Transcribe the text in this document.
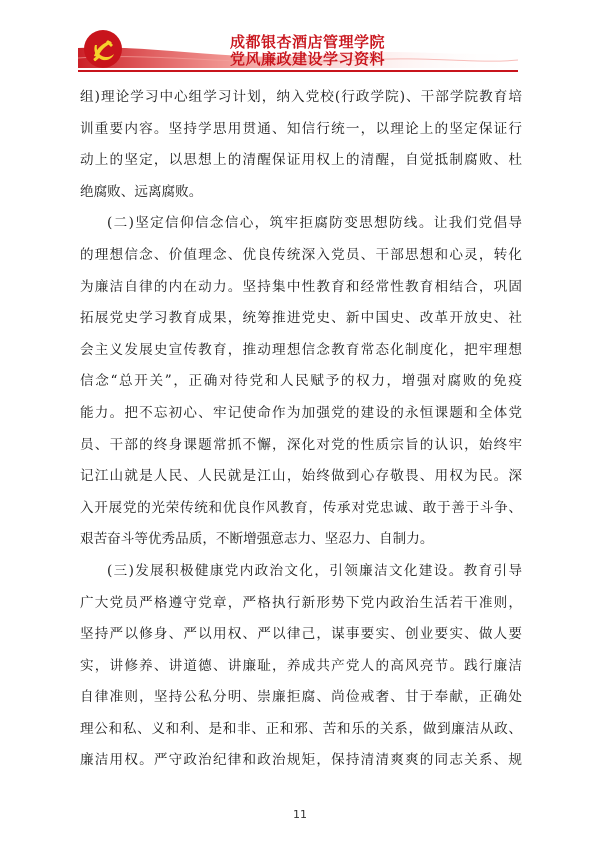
成都银杏酒店管理学院
党风廉政建设学习资料
组)理论学习中心组学习计划，纳入党校(行政学院)、干部学院教育培
训重要内容。坚持学思用贯通、知信行统一，以理论上的坚定保证行
动上的坚定，以思想上的清醒保证用权上的清醒，自觉抵制腐败、杜
绝腐败、远离腐败。
(二)坚定信仰信念信心，筑牢拒腐防变思想防线。让我们党倡导
的理想信念、价值理念、优良传统深入党员、干部思想和心灵，转化
为廉洁自律的内在动力。坚持集中性教育和经常性教育相结合，巩固
拓展党史学习教育成果，统筹推进党史、新中国史、改革开放史、社
会主义发展史宣传教育，推动理想信念教育常态化制度化，把牢理想
信念“总开关”，正确对待党和人民赋予的权力，增强对腐败的免疫
能力。把不忘初心、牢记使命作为加强党的建设的永恒课题和全体党
员、干部的终身课题常抓不懈，深化对党的性质宗旨的认识，始终牢
记江山就是人民、人民就是江山，始终做到心存敬畏、用权为民。深
入开展党的光荣传统和优良作风教育，传承对党忠诚、敢于善于斗争、
艰苦奋斗等优秀品质，不断增强意志力、坚忍力、自制力。
(三)发展积极健康党内政治文化，引领廉洁文化建设。教育引导
广大党员严格遵守党章，严格执行新形势下党内政治生活若干准则，
坚持严以修身、严以用权、严以律己，谋事要实、创业要实、做人要
实，讲修养、讲道德、讲廉耻，养成共产党人的高风亮节。践行廉洁
自律准则，坚持公私分明、崇廉拒腐、尚俭戒奢、甘于奉献，正确处
理公和私、义和利、是和非、正和邪、苦和乐的关系，做到廉洁从政、
廉洁用权。严守政治纪律和政治规矩，保持清清爽爽的同志关系、规
11
